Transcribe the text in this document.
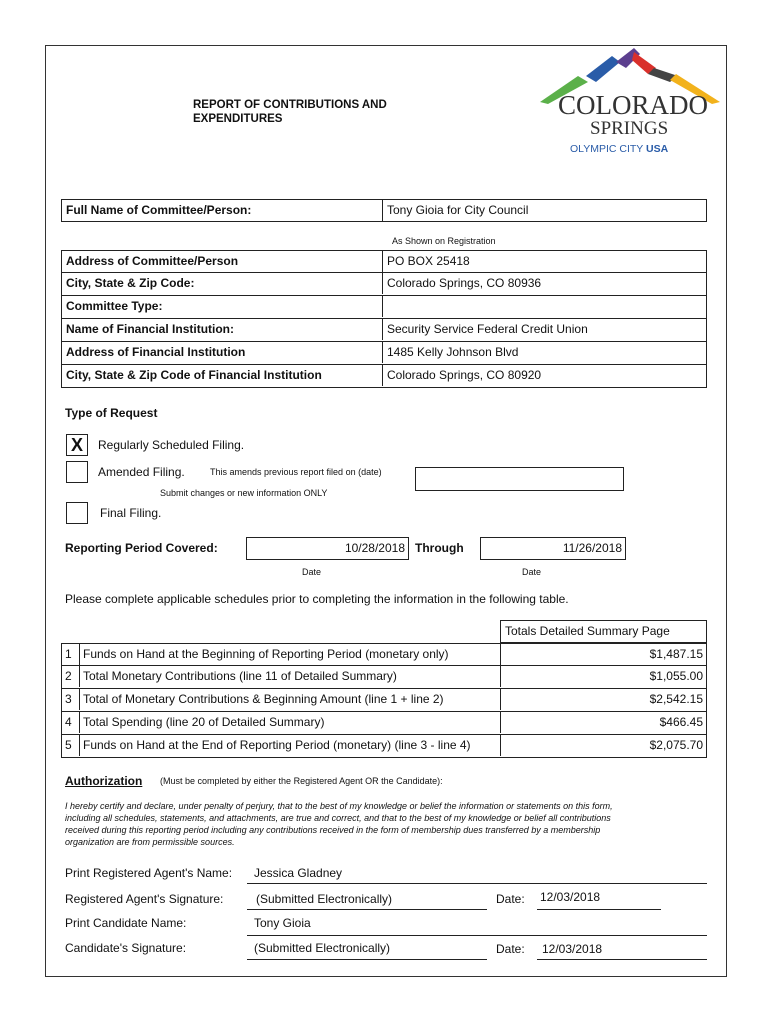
REPORT OF CONTRIBUTIONS AND
EXPENDITURES	COLORADO
SPRINGS
OLYMPIC CITY USA
Full Name of Committee/Person:	Tony Gioia for City Council
As Shown on Registration
Address of Committee/Person	PO BOX 25418
City, State & Zip Code:	Colorado Springs, CO 80936
Committee Type:
Name of Financial Institution:	Security Service Federal Credit Union
Address of Financial Institution	1485 Kelly Johnson Blvd
City, State & Zip Code of Financial Institution	Colorado Springs, CO 80920
Type of Request
X	Regularly Scheduled Filing.
Amended Filing.	This amends previous report filed on (date)
Submit changes or new information ONLY
Final Filing.
Reporting Period Covered:	10/28/2018 Through	11/26/2018
Date	Date
Please complete applicable schedules prior to completing the information in the following table.
Totals Detailed Summary Page
1 Funds on Hand at the Beginning of Reporting Period (monetary only)	$1,487.15
2 Total Monetary Contributions (line 11 of Detailed Summary)	$1,055.00
3 Total of Monetary Contributions & Beginning Amount (line 1 + line 2)	$2,542.15
4 Total Spending (line 20 of Detailed Summary)	$466.45
5 Funds on Hand at the End of Reporting Period (monetary) (line 3 - line 4)	$2,075.70
Authorization (Must be completed by either the Registered Agent OR the Candidate):
I hereby certify and declare, under penalty of perjury, that to the best of my knowledge or belief the information or statements on this form,
including all schedules, statements, and attachments, are true and correct, and that to the best of my knowledge or belief all contributions
received during this reporting period including any contributions received in the form of membership dues transferred by a membership
organization are from permissible sources.
Print Registered Agent's Name: Jessica Gladney
Registered Agent's Signature:	(Submitted Electronically)	Date: 12/03/2018
Print Candidate Name:	Tony Gioia
Candidate's Signature:	(Submitted Electronically)	Date: 12/03/2018
